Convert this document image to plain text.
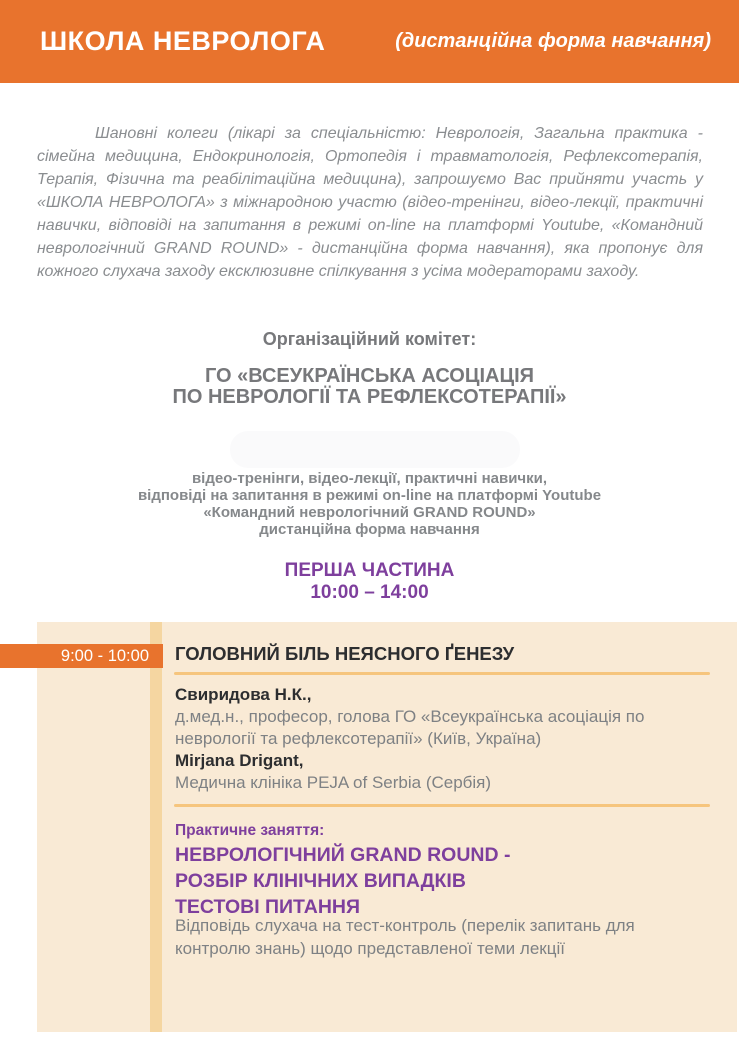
ШКОЛА НЕВРОЛОГА	(дистанційна форма навчання)

Шановні колеги (лікарі за спеціальністю: Неврологія, Загальна практика - сімейна медицина, Ендокринологія, Ортопедія і травматологія, Рефлексотерапія, Терапія, Фізична та реабілітаційна медицина), запрошуємо Вас прийняти участь у «ШКОЛА НЕВРОЛОГА» з міжнародною участю (відео-тренінги, відео-лекції, практичні навички, відповіді на запитання в режимі on-line на платформі Youtube, «Командний неврологічний GRAND ROUND» - дистанційна форма навчання), яка пропонує для кожного слухача заходу ексклюзивне спілкування з усіма модераторами заходу.

Організаційний комітет:
ГО «ВСЕУКРАЇНСЬКА АСОЦІАЦІЯ
ПО НЕВРОЛОГІЇ ТА РЕФЛЕКСОТЕРАПІЇ»
відео-тренінги, відео-лекції, практичні навички,
відповіді на запитання в режимі on-line на платформі Youtube
«Командний неврологічний GRAND ROUND»
дистанційна форма навчання
ПЕРША ЧАСТИНА
10:00 – 14:00
9:00 - 10:00	ГОЛОВНИЙ БІЛЬ НЕЯСНОГО ҐЕНЕЗУ
Свиридова Н.К.,
д.мед.н., професор, голова ГО «Всеукраїнська асоціація по неврології та рефлексотерапії» (Київ, Україна)
Mirjana Drigant,
Медична клініка PEJA of Serbia (Сербія)
Практичне заняття:
НЕВРОЛОГІЧНИЙ GRAND ROUND -
РОЗБІР КЛІНІЧНИХ ВИПАДКІВ
ТЕСТОВІ ПИТАННЯ
Відповідь слухача на тест-контроль (перелік запитань для контролю знань) щодо представленої теми лекції
